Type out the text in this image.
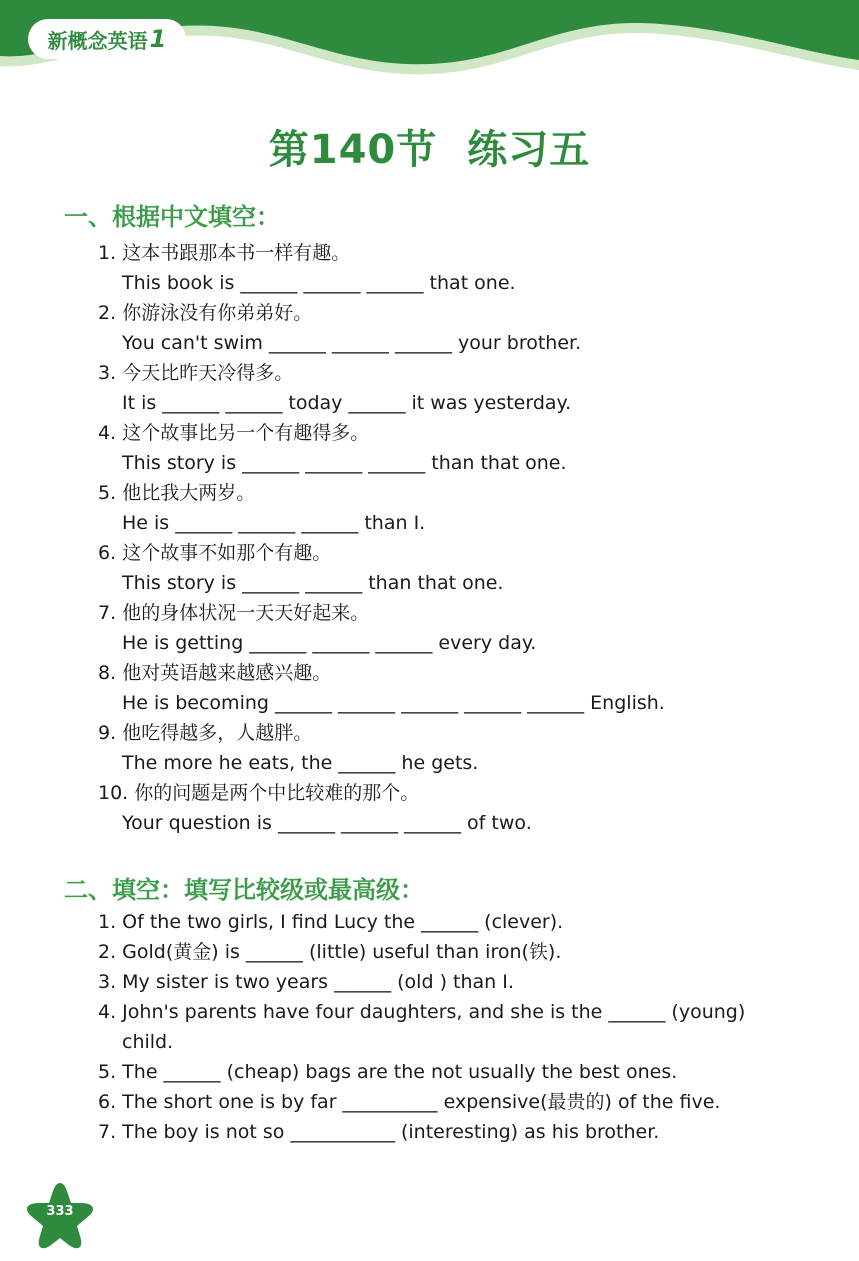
新概念英语 1
第140节 练习五
一、根据中文填空：
1. 这本书跟那本书一样有趣。
This book is ______ ______ ______ that one.
2. 你游泳没有你弟弟好。
You can't swim ______ ______ ______ your brother.
3. 今天比昨天冷得多。
It is ______ ______ today ______ it was yesterday.
4. 这个故事比另一个有趣得多。
This story is ______ ______ ______ than that one.
5. 他比我大两岁。
He is ______ ______ ______ than I.
6. 这个故事不如那个有趣。
This story is ______ ______ than that one.
7. 他的身体状况一天天好起来。
He is getting ______ ______ ______ every day.
8. 他对英语越来越感兴趣。
He is becoming ______ ______ ______ ______ ______ English.
9. 他吃得越多，人越胖。
The more he eats, the ______ he gets.
10. 你的问题是两个中比较难的那个。
Your question is ______ ______ ______ of two.
二、填空：填写比较级或最高级：
1. Of the two girls, I find Lucy the ______ (clever).
2. Gold(黄金) is ______ (little) useful than iron(铁).
3. My sister is two years ______ (old ) than I.
4. John's parents have four daughters, and she is the ______ (young)
child.
5. The ______ (cheap) bags are the not usually the best ones.
6. The short one is by far __________ expensive(最贵的) of the five.
7. The boy is not so ___________ (interesting) as his brother.
333
